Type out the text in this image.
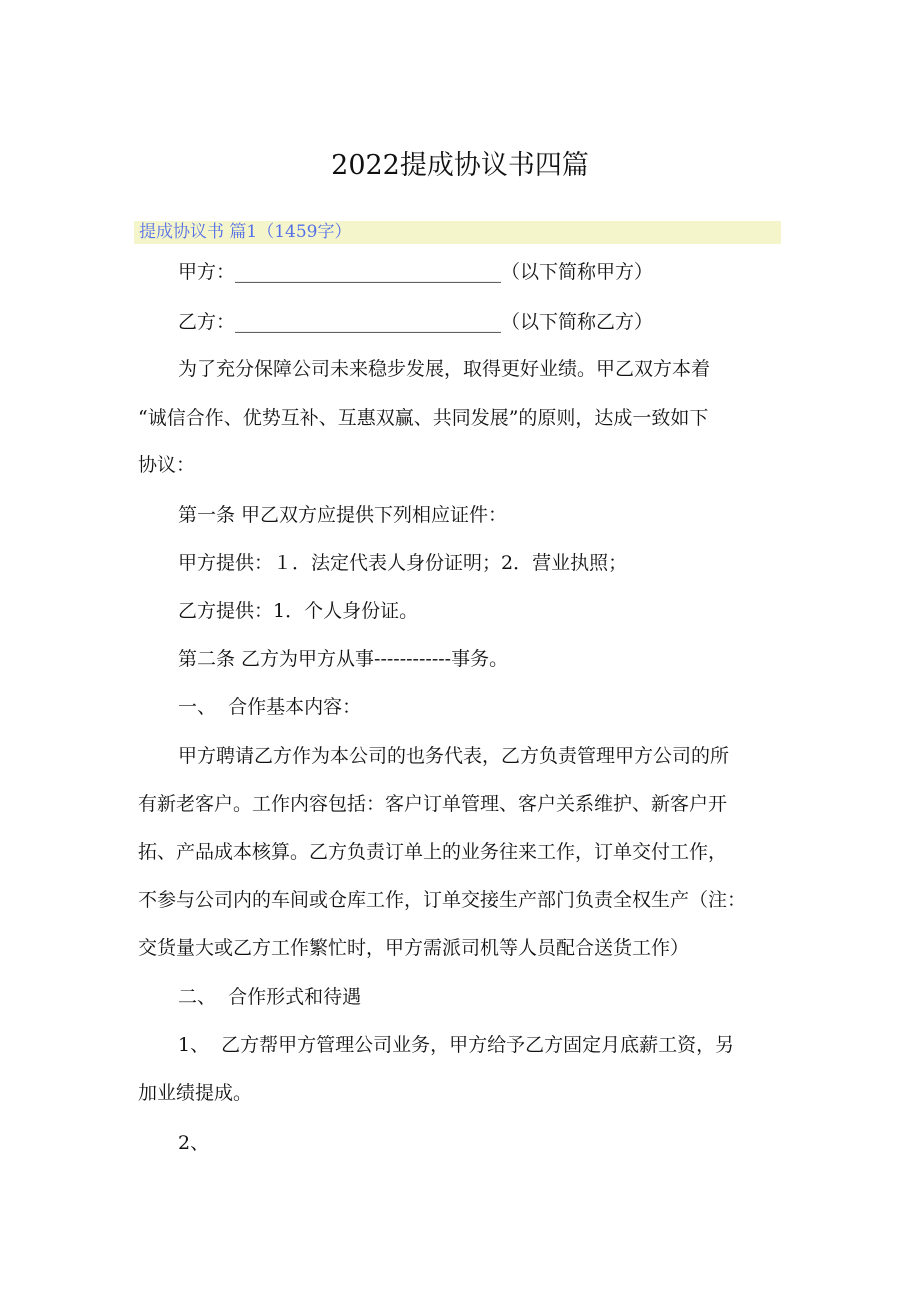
2022提成协议书四篇
提成协议书 篇1（1459字）
甲方：____________________________（以下简称甲方）
乙方：____________________________（以下简称乙方）
为了充分保障公司未来稳步发展，取得更好业绩。甲乙双方本着
“诚信合作、优势互补、互惠双赢、共同发展”的原则，达成一致如下
协议：
第一条 甲乙双方应提供下列相应证件：
甲方提供：１．法定代表人身份证明；2．营业执照；
乙方提供：1．个人身份证。
第二条 乙方为甲方从事------------事务。
一、  合作基本内容：
甲方聘请乙方作为本公司的也务代表，乙方负责管理甲方公司的所
有新老客户。工作内容包括：客户订单管理、客户关系维护、新客户开
拓、产品成本核算。乙方负责订单上的业务往来工作，订单交付工作，
不参与公司内的车间或仓库工作，订单交接生产部门负责全权生产（注：
交货量大或乙方工作繁忙时，甲方需派司机等人员配合送货工作）
二、  合作形式和待遇
1、  乙方帮甲方管理公司业务，甲方给予乙方固定月底薪工资，另
加业绩提成。
2、
